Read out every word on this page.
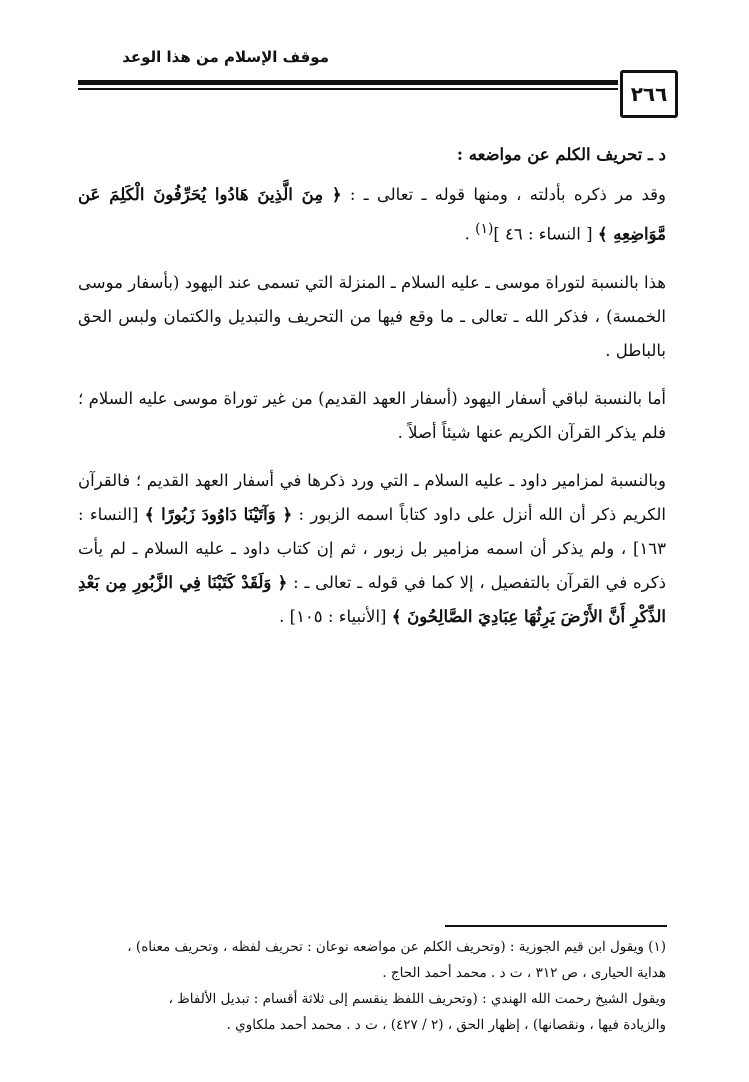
موقف الإسلام من هذا الوعد
٢٦٦

د ـ تحريف الكلم عن مواضعه :

وقد مر ذكره بأدلته ، ومنها قوله ـ تعالى ـ : ﴿ مِنَ الَّذِينَ هَادُوا يُحَرِّفُونَ الْكَلِمَ عَن مَّوَاضِعِهِ ﴾ [ النساء : ٤٦ ]$^{(١)}$ .

هذا بالنسبة لتوراة موسى ـ عليه السلام ـ المنزلة التي تسمى عند اليهود (بأسفار موسى الخمسة) ، فذكر الله ـ تعالى ـ ما وقع فيها من التحريف والتبديل والكتمان ولبس الحق بالباطل .

أما بالنسبة لباقي أسفار اليهود (أسفار العهد القديم) من غير توراة موسى عليه السلام ؛ فلم يذكر القرآن الكريم عنها شيئاً أصلاً .

وبالنسبة لمزامير داود ـ عليه السلام ـ التي ورد ذكرها في أسفار العهد القديم ؛ فالقرآن الكريم ذكر أن الله أنزل على داود كتاباً اسمه الزبور : ﴿ وَآتَيْنَا دَاوُودَ زَبُورًا ﴾ [النساء : ١٦٣] ، ولم يذكر أن اسمه مزامير بل زبور ، ثم إن كتاب داود ـ عليه السلام ـ لم يأت ذكره في القرآن بالتفصيل ، إلا كما في قوله ـ تعالى ـ : ﴿ وَلَقَدْ كَتَبْنَا فِي الزَّبُورِ مِن بَعْدِ الذِّكْرِ أَنَّ الأَرْضَ يَرِثُهَا عِبَادِيَ الصَّالِحُونَ ﴾ [الأنبياء : ١٠٥] .

(١) ويقول ابن قيم الجوزية : (وتحريف الكلم عن مواضعه نوعان : تحريف لفظه ، وتحريف معناه) ،

هداية الحيارى ، ص ٣١٢ ، ت د . محمد أحمد الحاج .

ويقول الشيخ رحمت الله الهندي : (وتحريف اللفظ ينقسم إلى ثلاثة أقسام : تبديل الألفاظ ،

والزيادة فيها ، ونقصانها) ، إظهار الحق ، (٢ / ٤٢٧) ، ت د . محمد أحمد ملكاوي .
